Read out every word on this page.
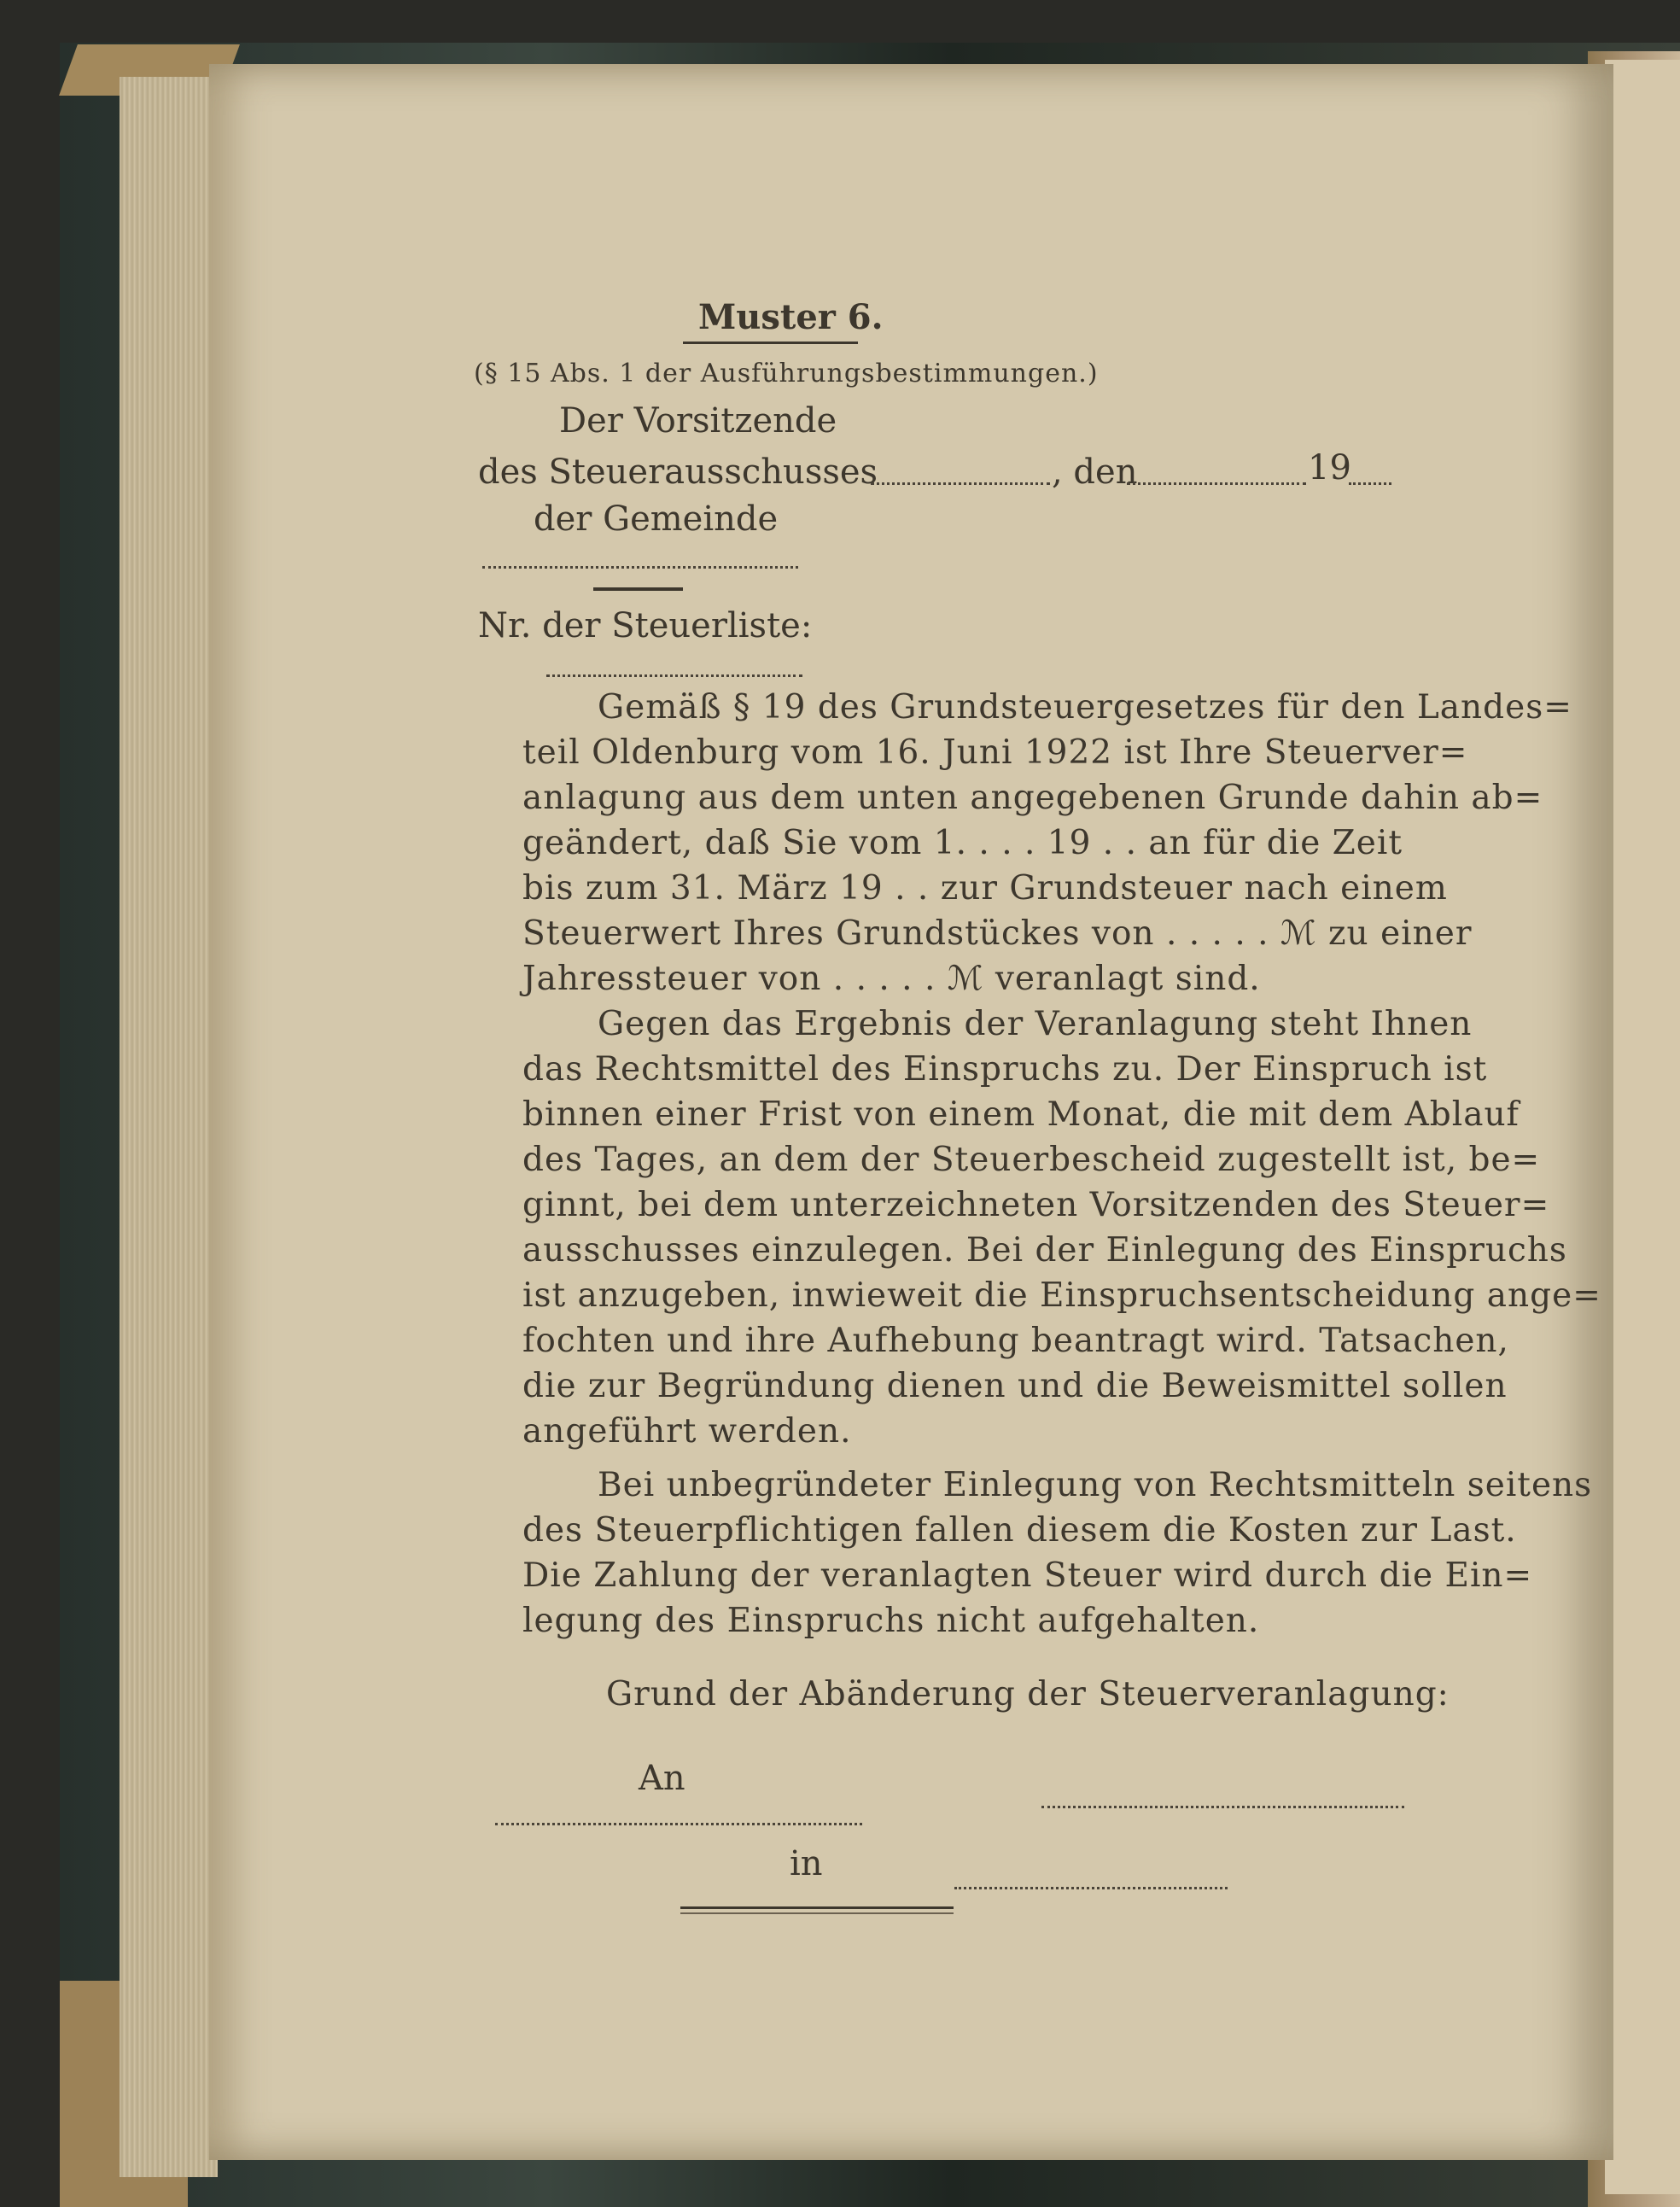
Muster 6.
(§ 15 Abs. 1 der Ausführungsbestimmungen.)
Der Vorsitzende
des Steuerausschusses
der Gemeinde
, den	19
Nr. der Steuerliste:
Gemäß § 19 des Grundsteuergesetzes für den Landes=
teil Oldenburg vom 16. Juni 1922 ist Ihre Steuerver=
anlagung aus dem unten angegebenen Grunde dahin ab=
geändert, daß Sie vom 1. . . . 19 . . an für die Zeit
bis zum 31. März 19 . . zur Grundsteuer nach einem
Steuerwert Ihres Grundstückes von . . . . . ℳ zu einer
Jahressteuer von . . . . . ℳ veranlagt sind.
Gegen das Ergebnis der Veranlagung steht Ihnen
das Rechtsmittel des Einspruchs zu. Der Einspruch ist
binnen einer Frist von einem Monat, die mit dem Ablauf
des Tages, an dem der Steuerbescheid zugestellt ist, be=
ginnt, bei dem unterzeichneten Vorsitzenden des Steuer=
ausschusses einzulegen. Bei der Einlegung des Einspruchs
ist anzugeben, inwieweit die Einspruchsentscheidung ange=
fochten und ihre Aufhebung beantragt wird. Tatsachen,
die zur Begründung dienen und die Beweismittel sollen
angeführt werden.
Bei unbegründeter Einlegung von Rechtsmitteln seitens
des Steuerpflichtigen fallen diesem die Kosten zur Last.
Die Zahlung der veranlagten Steuer wird durch die Ein=
legung des Einspruchs nicht aufgehalten.
Grund der Abänderung der Steuerveranlagung:
An
in
